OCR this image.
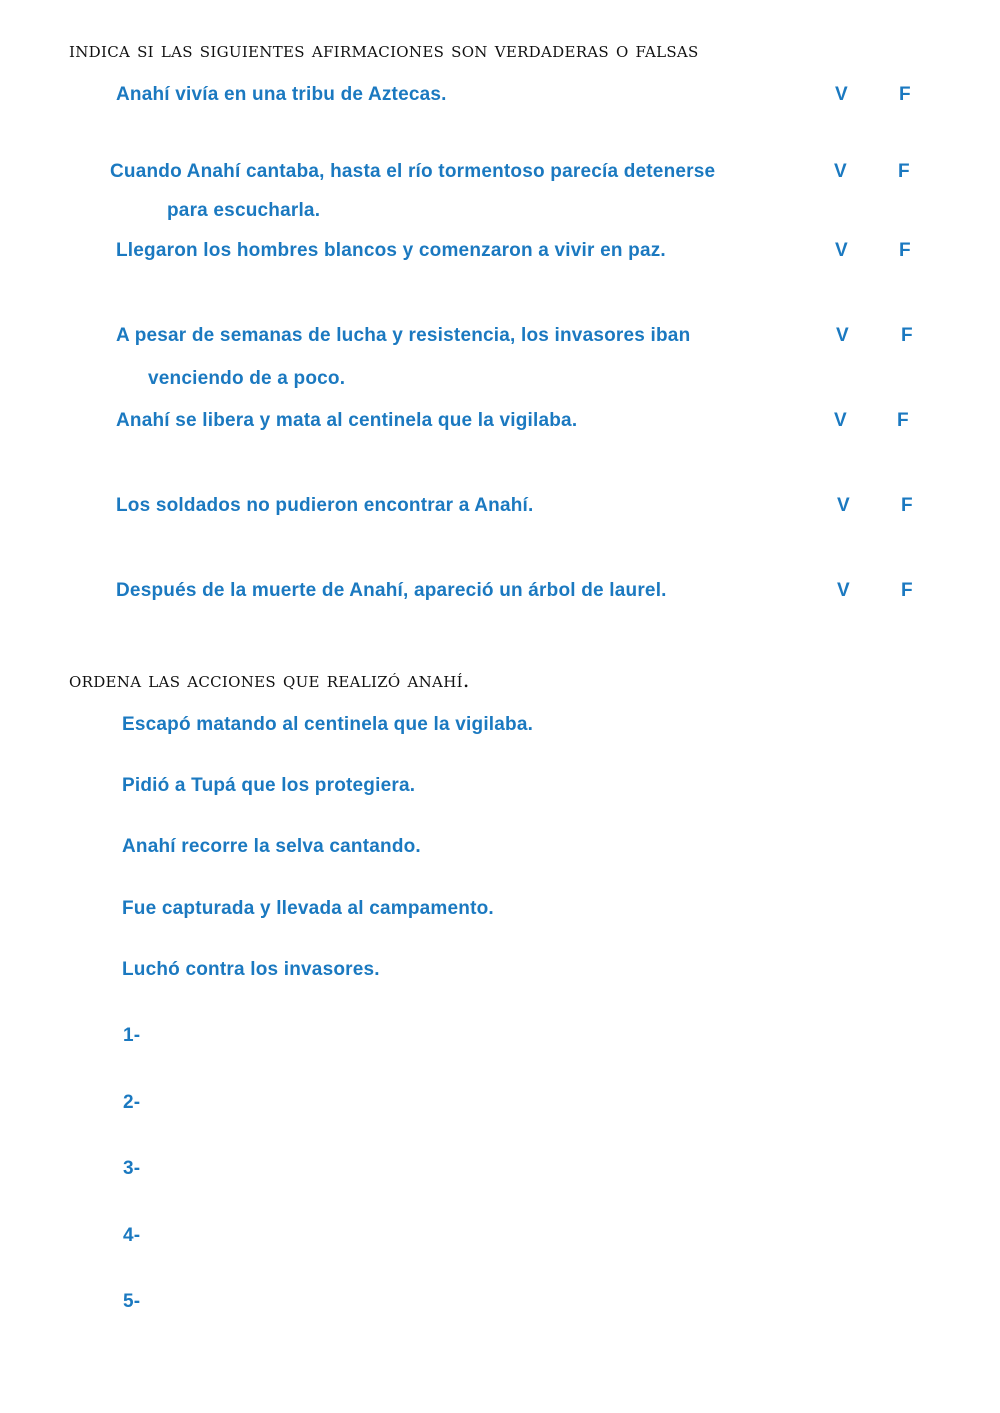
indica si las siguientes afirmaciones son verdaderas o falsas
Anahí vivía en una tribu de Aztecas.	V	F
Cuando Anahí cantaba, hasta el río tormentoso parecía detenerse
para escucharla.
V	F
Llegaron los hombres blancos y comenzaron a vivir en paz.	V	F
A pesar de semanas de lucha y resistencia, los invasores iban
venciendo de a poco.
V	F
Anahí se libera y mata al centinela que la vigilaba.	V	F
Los soldados no pudieron encontrar a Anahí.	V	F
Después de la muerte de Anahí, apareció un árbol de laurel.	V	F
ordena las acciones que realizó anahí.
Escapó matando al centinela que la vigilaba.
Pidió a Tupá que los protegiera.
Anahí recorre la selva cantando.
Fue capturada y llevada al campamento.
Luchó contra los invasores.
1-
2-
3-
4-
5-
